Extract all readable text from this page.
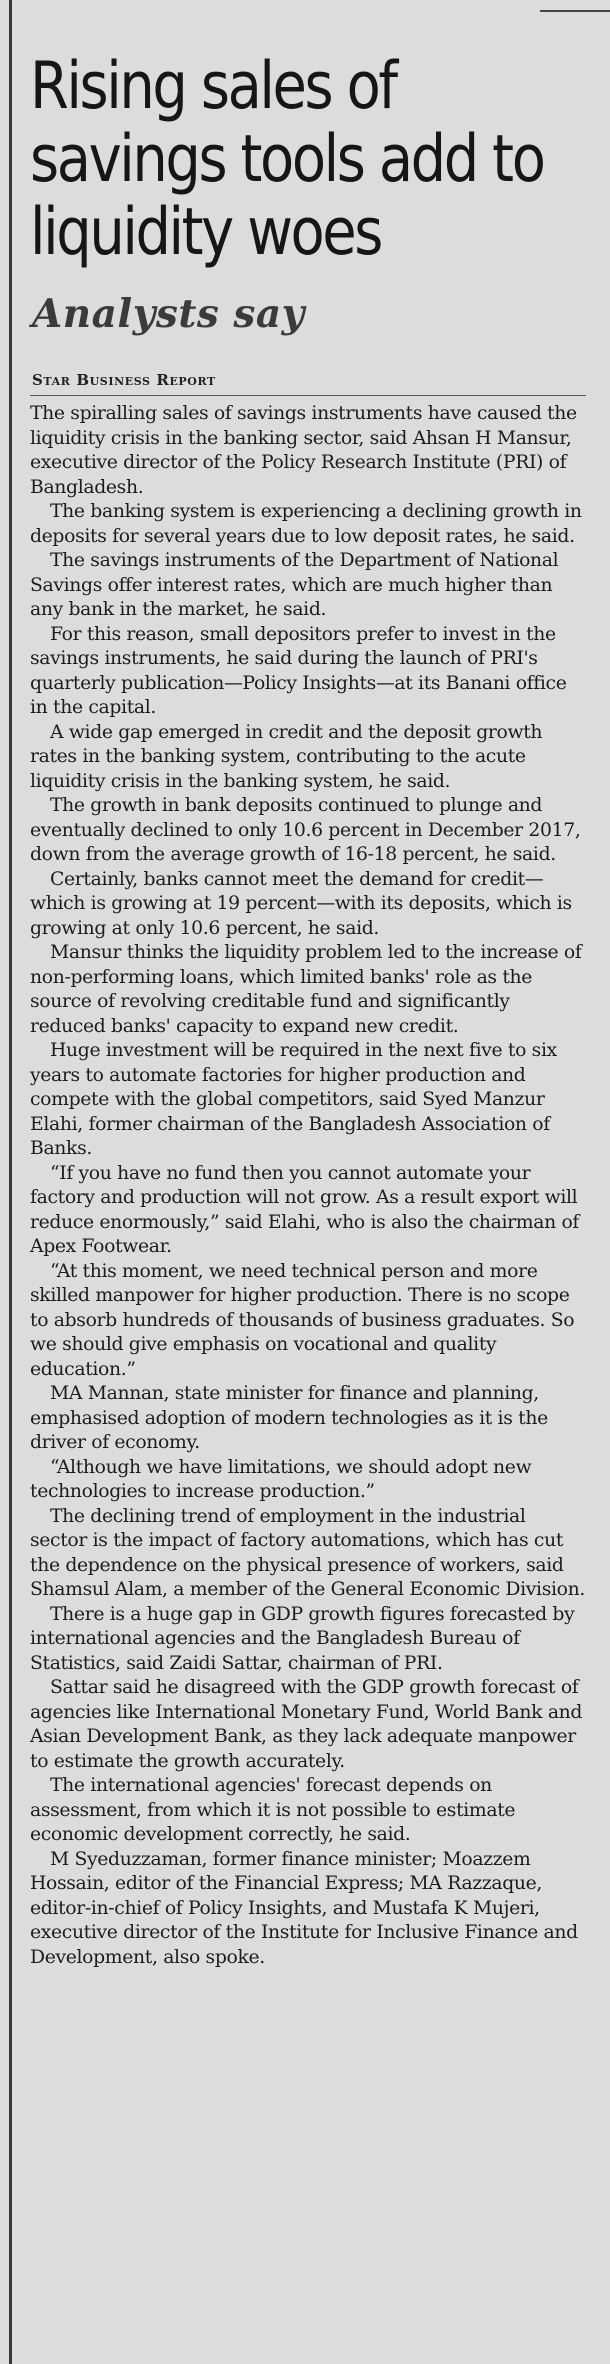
Rising sales of savings tools add to liquidity woes
Analysts say
Star Business Report

The spiralling sales of savings instruments have caused the liquidity crisis in the banking sector, said Ahsan H Mansur, executive director of the Policy Research Institute (PRI) of Bangladesh.

The banking system is experiencing a declining growth in deposits for several years due to low deposit rates, he said.

The savings instruments of the Department of National Savings offer interest rates, which are much higher than any bank in the market, he said.

For this reason, small depositors prefer to invest in the savings instruments, he said during the launch of PRI's quarterly publication—Policy Insights—at its Banani office in the capital.

A wide gap emerged in credit and the deposit growth rates in the banking system, contributing to the acute liquidity crisis in the banking system, he said.

The growth in bank deposits continued to plunge and eventually declined to only 10.6 percent in December 2017, down from the average growth of 16-18 percent, he said.

Certainly, banks cannot meet the demand for credit—which is growing at 19 percent—with its deposits, which is growing at only 10.6 percent, he said.

Mansur thinks the liquidity problem led to the increase of non-performing loans, which limited banks' role as the source of revolving creditable fund and significantly reduced banks' capacity to expand new credit.

Huge investment will be required in the next five to six years to automate factories for higher production and compete with the global competitors, said Syed Manzur Elahi, former chairman of the Bangladesh Association of Banks.

“If you have no fund then you cannot automate your factory and production will not grow. As a result export will reduce enormously,” said Elahi, who is also the chairman of Apex Footwear.

“At this moment, we need technical person and more skilled manpower for higher production. There is no scope to absorb hundreds of thousands of business graduates. So we should give emphasis on vocational and quality education.”

MA Mannan, state minister for finance and planning, emphasised adoption of modern technologies as it is the driver of economy.

“Although we have limitations, we should adopt new technologies to increase production.”

The declining trend of employment in the industrial sector is the impact of factory automations, which has cut the dependence on the physical presence of workers, said Shamsul Alam, a member of the General Economic Division.

There is a huge gap in GDP growth figures forecasted by international agencies and the Bangladesh Bureau of Statistics, said Zaidi Sattar, chairman of PRI.

Sattar said he disagreed with the GDP growth forecast of agencies like International Monetary Fund, World Bank and Asian Development Bank, as they lack adequate manpower to estimate the growth accurately.

The international agencies' forecast depends on assessment, from which it is not possible to estimate economic development correctly, he said.

M Syeduzzaman, former finance minister; Moazzem Hossain, editor of the Financial Express; MA Razzaque, editor-in-chief of Policy Insights, and Mustafa K Mujeri, executive director of the Institute for Inclusive Finance and Development, also spoke.
